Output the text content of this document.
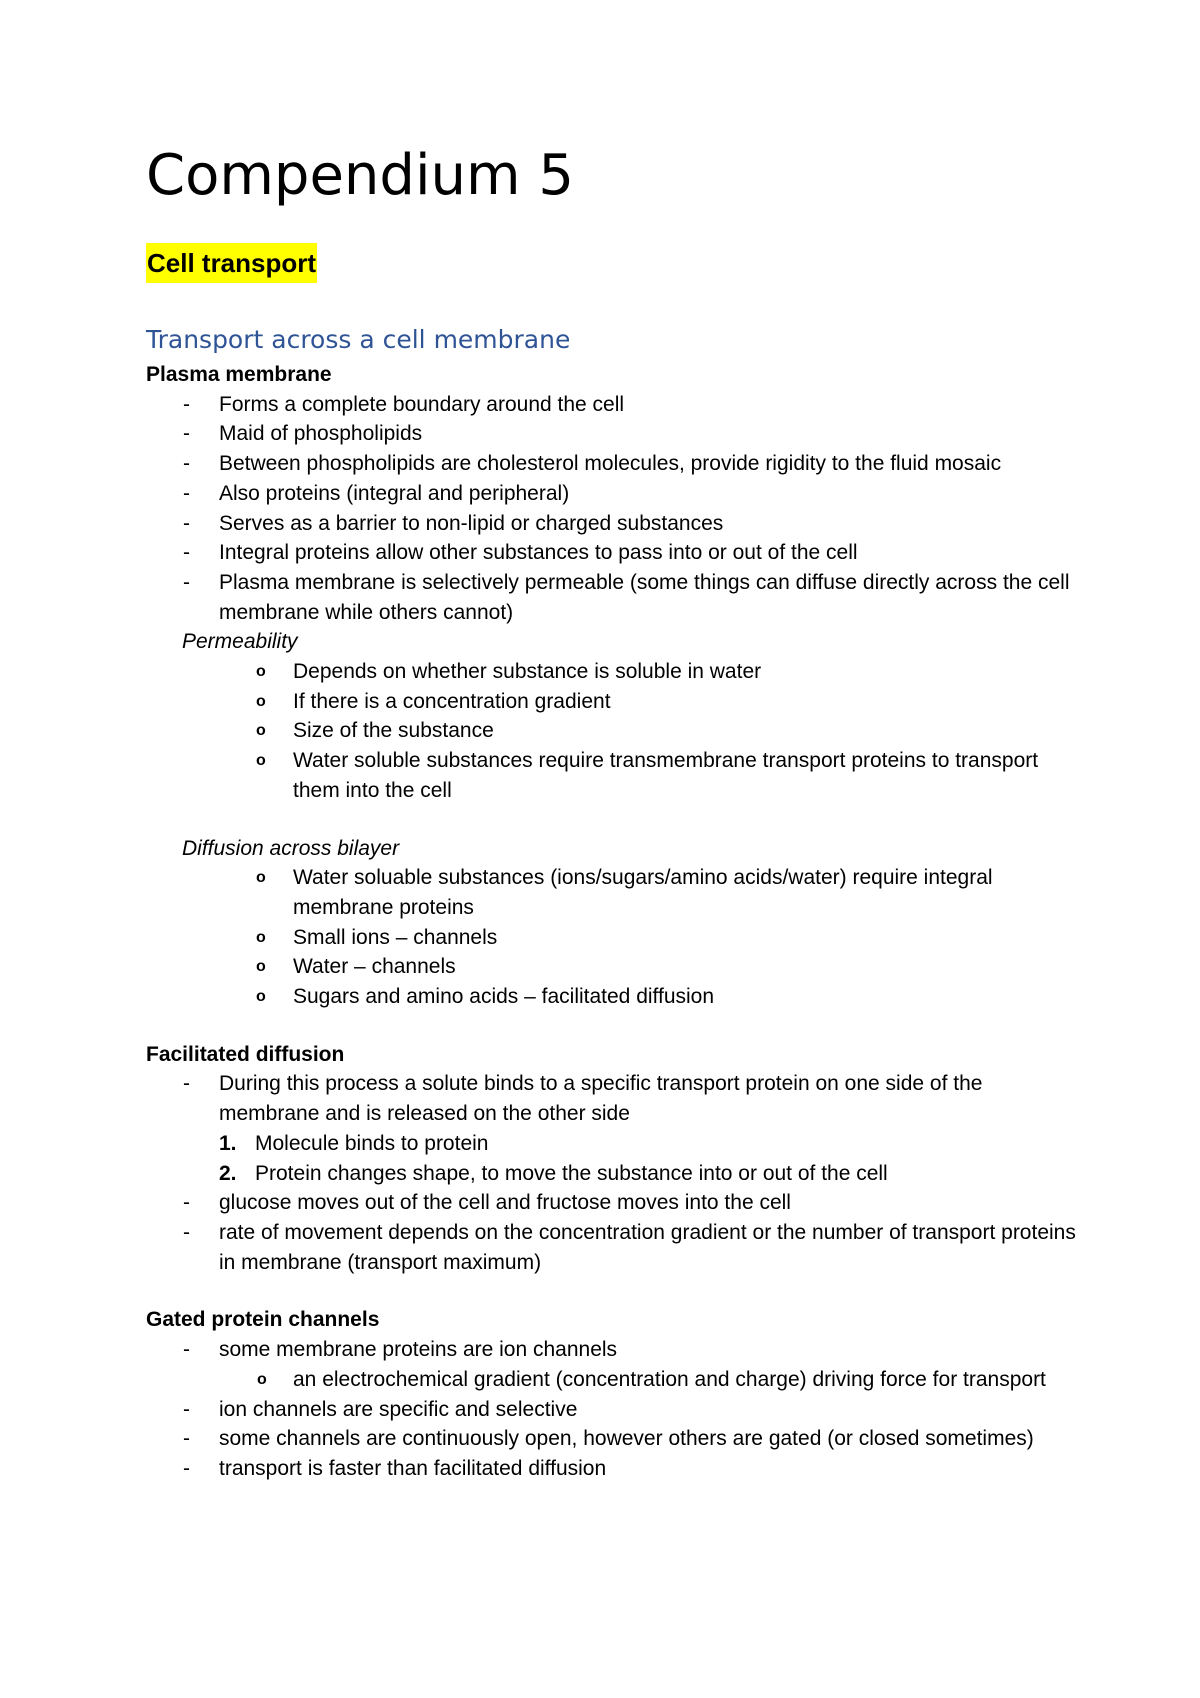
Compendium 5
Cell transport
Transport across a cell membrane

Plasma membrane

- Forms a complete boundary around the cell
- Maid of phospholipids
- Between phospholipids are cholesterol molecules, provide rigidity to the fluid mosaic
- Also proteins (integral and peripheral)
- Serves as a barrier to non-lipid or charged substances
- Integral proteins allow other substances to pass into or out of the cell
- Plasma membrane is selectively permeable (some things can diffuse directly across the cell membrane while others cannot)

Permeability

o Depends on whether substance is soluble in water
o If there is a concentration gradient
o Size of the substance
o Water soluble substances require transmembrane transport proteins to transport them into the cell

Diffusion across bilayer

o Water soluable substances (ions/sugars/amino acids/water) require integral membrane proteins
o Small ions – channels
o Water – channels
o Sugars and amino acids – facilitated diffusion

Facilitated diffusion

- During this process a solute binds to a specific transport protein on one side of the membrane and is released on the other side
1. Molecule binds to protein
2. Protein changes shape, to move the substance into or out of the cell
- glucose moves out of the cell and fructose moves into the cell
- rate of movement depends on the concentration gradient or the number of transport proteins in membrane (transport maximum)

Gated protein channels

- some membrane proteins are ion channels
o an electrochemical gradient (concentration and charge) driving force for transport
- ion channels are specific and selective
- some channels are continuously open, however others are gated (or closed sometimes)
- transport is faster than facilitated diffusion
